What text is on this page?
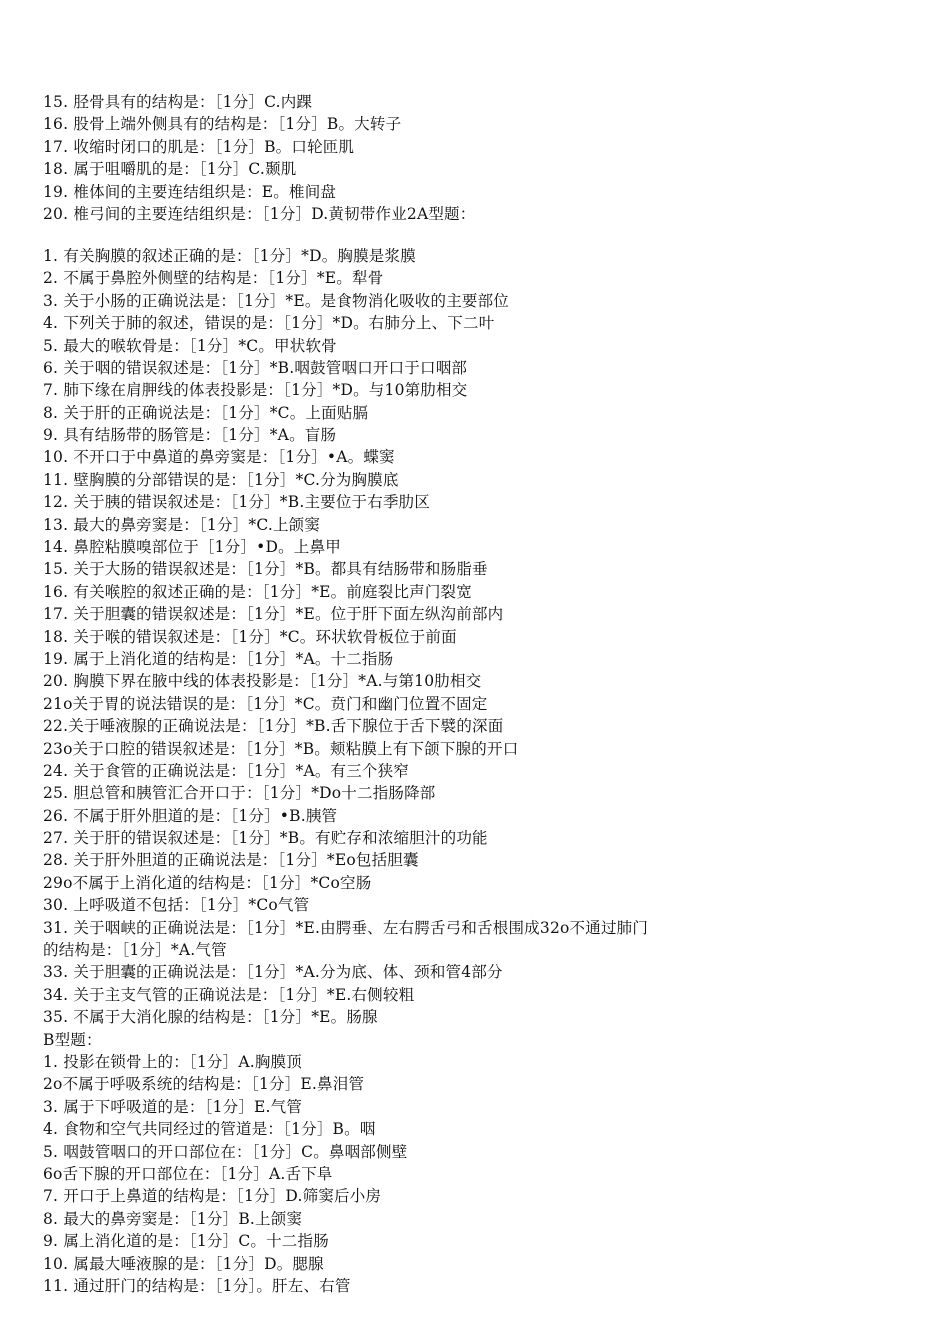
15. 胫骨具有的结构是：［1分］C.内踝
16. 股骨上端外侧具有的结构是：［1分］B。大转子
17. 收缩时闭口的肌是：［1分］B。口轮匝肌
18. 属于咀嚼肌的是：［1分］C.颞肌
19. 椎体间的主要连结组织是：E。椎间盘
20. 椎弓间的主要连结组织是：［1分］D.黄韧带作业2A型题：
1. 有关胸膜的叙述正确的是：［1分］*D。胸膜是浆膜
2. 不属于鼻腔外侧壁的结构是：［1分］*E。犁骨
3. 关于小肠的正确说法是：［1分］*E。是食物消化吸收的主要部位
4. 下列关于肺的叙述，错误的是：［1分］*D。右肺分上、下二叶
5. 最大的喉软骨是：［1分］*C。甲状软骨
6. 关于咽的错误叙述是：［1分］*B.咽鼓管咽口开口于口咽部
7. 肺下缘在肩胛线的体表投影是：［1分］*D。与10第肋相交
8. 关于肝的正确说法是：［1分］*C。上面贴膈
9. 具有结肠带的肠管是：［1分］*A。盲肠
10. 不开口于中鼻道的鼻旁窦是：［1分］•A。蝶窦
11. 壁胸膜的分部错误的是：［1分］*C.分为胸膜底
12. 关于胰的错误叙述是：［1分］*B.主要位于右季肋区
13. 最大的鼻旁窦是：［1分］*C.上颌窦
14. 鼻腔粘膜嗅部位于［1分］•D。上鼻甲
15. 关于大肠的错误叙述是：［1分］*B。都具有结肠带和肠脂垂
16. 有关喉腔的叙述正确的是：［1分］*E。前庭裂比声门裂宽
17. 关于胆囊的错误叙述是：［1分］*E。位于肝下面左纵沟前部内
18. 关于喉的错误叙述是：［1分］*C。环状软骨板位于前面
19. 属于上消化道的结构是：［1分］*A。十二指肠
20. 胸膜下界在腋中线的体表投影是：［1分］*A.与第10肋相交
21o关于胃的说法错误的是：［1分］*C。贲门和幽门位置不固定
22.关于唾液腺的正确说法是：［1分］*B.舌下腺位于舌下襞的深面
23o关于口腔的错误叙述是：［1分］*B。颊粘膜上有下颌下腺的开口
24. 关于食管的正确说法是：［1分］*A。有三个狭窄
25. 胆总管和胰管汇合开口于：［1分］*Do十二指肠降部
26. 不属于肝外胆道的是：［1分］•B.胰管
27. 关于肝的错误叙述是：［1分］*B。有贮存和浓缩胆汁的功能
28. 关于肝外胆道的正确说法是：［1分］*Eo包括胆囊
29o不属于上消化道的结构是：［1分］*Co空肠
30. 上呼吸道不包括：［1分］*Co气管
31. 关于咽峡的正确说法是：［1分］*E.由腭垂、左右腭舌弓和舌根围成32o不通过肺门
的结构是：［1分］*A.气管
33. 关于胆囊的正确说法是：［1分］*A.分为底、体、颈和管4部分
34. 关于主支气管的正确说法是：［1分］*E.右侧较粗
35. 不属于大消化腺的结构是：［1分］*E。肠腺
B型题：
1. 投影在锁骨上的：［1分］A.胸膜顶
2o不属于呼吸系统的结构是：［1分］E.鼻泪管
3. 属于下呼吸道的是：［1分］E.气管
4. 食物和空气共同经过的管道是：［1分］B。咽
5. 咽鼓管咽口的开口部位在：［1分］C。鼻咽部侧壁
6o舌下腺的开口部位在：［1分］A.舌下阜
7. 开口于上鼻道的结构是：［1分］D.筛窦后小房
8. 最大的鼻旁窦是：［1分］B.上颌窦
9. 属上消化道的是：［1分］C。十二指肠
10. 属最大唾液腺的是：［1分］D。腮腺
11. 通过肝门的结构是：［1分］。肝左、右管
